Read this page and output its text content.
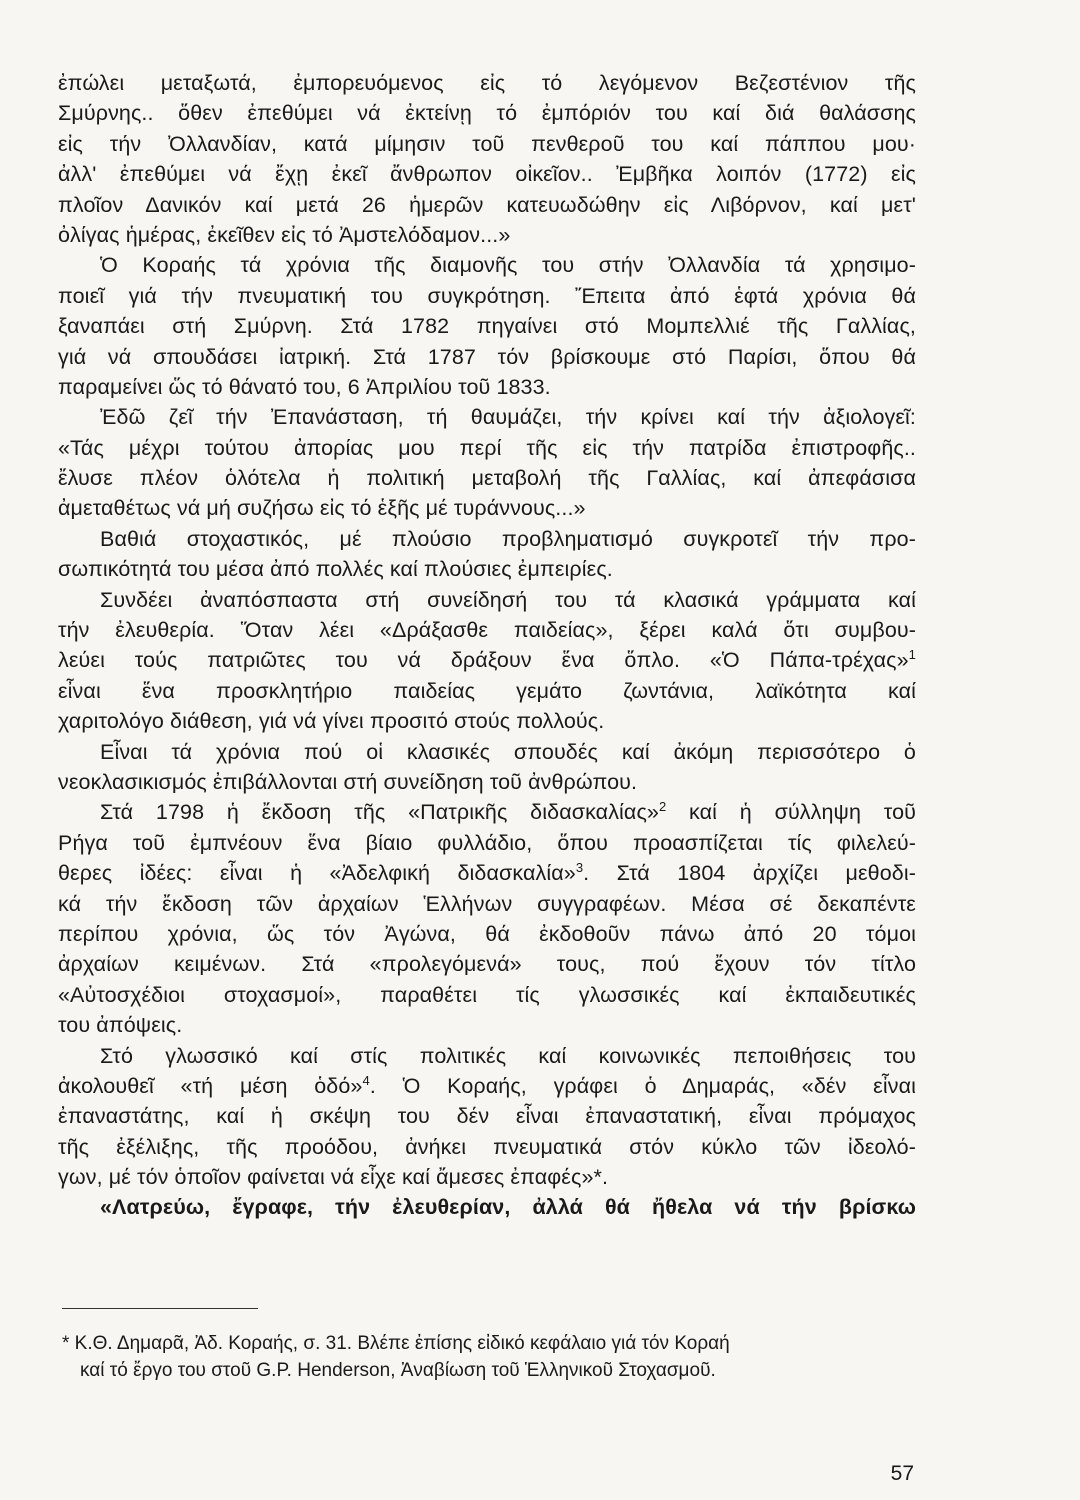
ἐπώλει μεταξωτά, ἐμπορευόμενος εἰς τό λεγόμενον Βεζεστένιον τῆς
Σμύρνης.. ὅθεν ἐπεθύμει νά ἐκτείνῃ τό ἐμπόριόν του καί διά θαλάσσης
εἰς τήν Ὀλλανδίαν, κατά μίμησιν τοῦ πενθεροῦ του καί πάππου μου·
ἀλλ' ἐπεθύμει νά ἔχῃ ἐκεῖ ἄνθρωπον οἰκεῖον.. Ἐμβῆκα λοιπόν (1772) εἰς
πλοῖον Δανικόν καί μετά 26 ἡμερῶν κατευωδώθην εἰς Λιβόρνον, καί μετ'
ὀλίγας ἡμέρας, ἐκεῖθεν εἰς τό Ἀμστελόδαμον...»
Ὁ Κοραής τά χρόνια τῆς διαμονῆς του στήν Ὀλλανδία τά χρησιμο-
ποιεῖ γιά τήν πνευματική του συγκρότηση. Ἔπειτα ἀπό ἑφτά χρόνια θά
ξαναπάει στή Σμύρνη. Στά 1782 πηγαίνει στό Μομπελλιέ τῆς Γαλλίας,
γιά νά σπουδάσει ἰατρική. Στά 1787 τόν βρίσκουμε στό Παρίσι, ὅπου θά
παραμείνει ὥς τό θάνατό του, 6 Ἀπριλίου τοῦ 1833.
Ἐδῶ ζεῖ τήν Ἐπανάσταση, τή θαυμάζει, τήν κρίνει καί τήν ἀξιολογεῖ:
«Τάς μέχρι τούτου ἀπορίας μου περί τῆς εἰς τήν πατρίδα ἐπιστροφῆς..
ἔλυσε πλέον ὁλότελα ἡ πολιτική μεταβολή τῆς Γαλλίας, καί ἀπεφάσισα
ἀμεταθέτως νά μή συζήσω εἰς τό ἑξῆς μέ τυράννους...»
Βαθιά στοχαστικός, μέ πλούσιο προβληματισμό συγκροτεῖ τήν προ-
σωπικότητά του μέσα ἀπό πολλές καί πλούσιες ἐμπειρίες.
Συνδέει ἀναπόσπαστα στή συνείδησή του τά κλασικά γράμματα καί
τήν ἐλευθερία. Ὅταν λέει «Δράξασθε παιδείας», ξέρει καλά ὅτι συμβου-
λεύει τούς πατριῶτες του νά δράξουν ἕνα ὅπλο. «Ὁ Πάπα-τρέχας»$^1$
εἶναι ἕνα προσκλητήριο παιδείας γεμάτο ζωντάνια, λαϊκότητα καί
χαριτολόγο διάθεση, γιά νά γίνει προσιτό στούς πολλούς.
Εἶναι τά χρόνια πού οἱ κλασικές σπουδές καί ἀκόμη περισσότερο ὁ
νεοκλασικισμός ἐπιβάλλονται στή συνείδηση τοῦ ἀνθρώπου.
Στά 1798 ἡ ἔκδοση τῆς «Πατρικῆς διδασκαλίας»$^2$ καί ἡ σύλληψη τοῦ
Ρήγα τοῦ ἐμπνέουν ἕνα βίαιο φυλλάδιο, ὅπου προασπίζεται τίς φιλελεύ-
θερες ἰδέες: εἶναι ἡ «Ἀδελφική διδασκαλία»$^3$. Στά 1804 ἀρχίζει μεθοδι-
κά τήν ἔκδοση τῶν ἀρχαίων Ἑλλήνων συγγραφέων. Μέσα σέ δεκαπέντε
περίπου χρόνια, ὥς τόν Ἀγώνα, θά ἐκδοθοῦν πάνω ἀπό 20 τόμοι
ἀρχαίων κειμένων. Στά «προλεγόμενά» τους, πού ἔχουν τόν τίτλο
«Αὐτοσχέδιοι στοχασμοί», παραθέτει τίς γλωσσικές καί ἐκπαιδευτικές
του ἀπόψεις.
Στό γλωσσικό καί στίς πολιτικές καί κοινωνικές πεποιθήσεις του
ἀκολουθεῖ «τή μέση ὁδό»$^4$. Ὁ Κοραής, γράφει ὁ Δημαράς, «δέν εἶναι
ἐπαναστάτης, καί ἡ σκέψη του δέν εἶναι ἐπαναστατική, εἶναι πρόμαχος
τῆς ἐξέλιξης, τῆς προόδου, ἀνήκει πνευματικά στόν κύκλο τῶν ἰδεολό-
γων, μέ τόν ὁποῖον φαίνεται νά εἶχε καί ἄμεσες ἐπαφές»*.
«Λατρεύω, ἔγραφε, τήν ἐλευθερίαν, ἀλλά θά ἤθελα νά τήν βρίσκω
* Κ.Θ. Δημαρᾶ, Ἀδ. Κοραής, σ. 31. Βλέπε ἐπίσης εἰδικό κεφάλαιο γιά τόν Κοραή
καί τό ἔργο του στοῦ G.P. Henderson, Ἀναβίωση τοῦ Ἑλληνικοῦ Στοχασμοῦ.
57
